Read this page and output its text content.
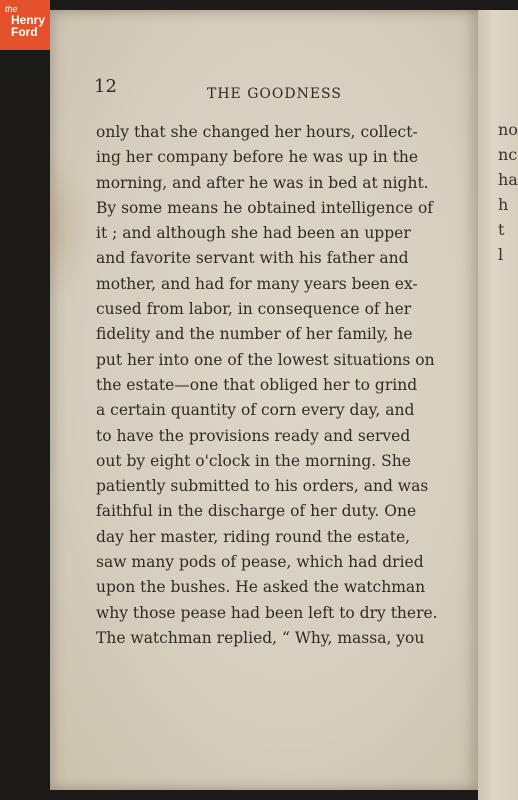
the
Henry
Ford

12	THE GOODNESS

only that she changed her hours, collect-
ing her company before he was up in the
morning, and after he was in bed at night.
By some means he obtained intelligence of
it ; and although she had been an upper
and favorite servant with his father and
mother, and had for many years been ex-
cused from labor, in consequence of her
fidelity and the number of her family, he
put her into one of the lowest situations on
the estate—one that obliged her to grind
a certain quantity of corn every day, and
to have the provisions ready and served
out by eight o'clock in the morning. She
patiently submitted to his orders, and was
faithful in the discharge of her duty. One
day her master, riding round the estate,
saw many pods of pease, which had dried
upon the bushes. He asked the watchman
why those pease had been left to dry there.
The watchman replied, “ Why, massa, you

no
nc
ha
h
t
l
